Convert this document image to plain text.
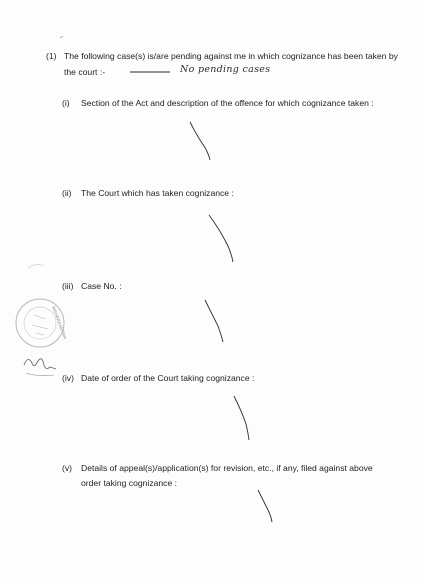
(1) The following case(s) is/are pending against me in which cognizance has been taken by
the court :-	No pending cases
(i) Section of the Act and description of the offence for which cognizance taken :
(ii) The Court which has taken cognizance :
(iii) Case No. :
(iv) Date of order of the Court taking cognizance :
(v) Details of appeal(s)/application(s) for revision, etc., if any, filed against above
order taking cognizance :
MAHARASHTRA
